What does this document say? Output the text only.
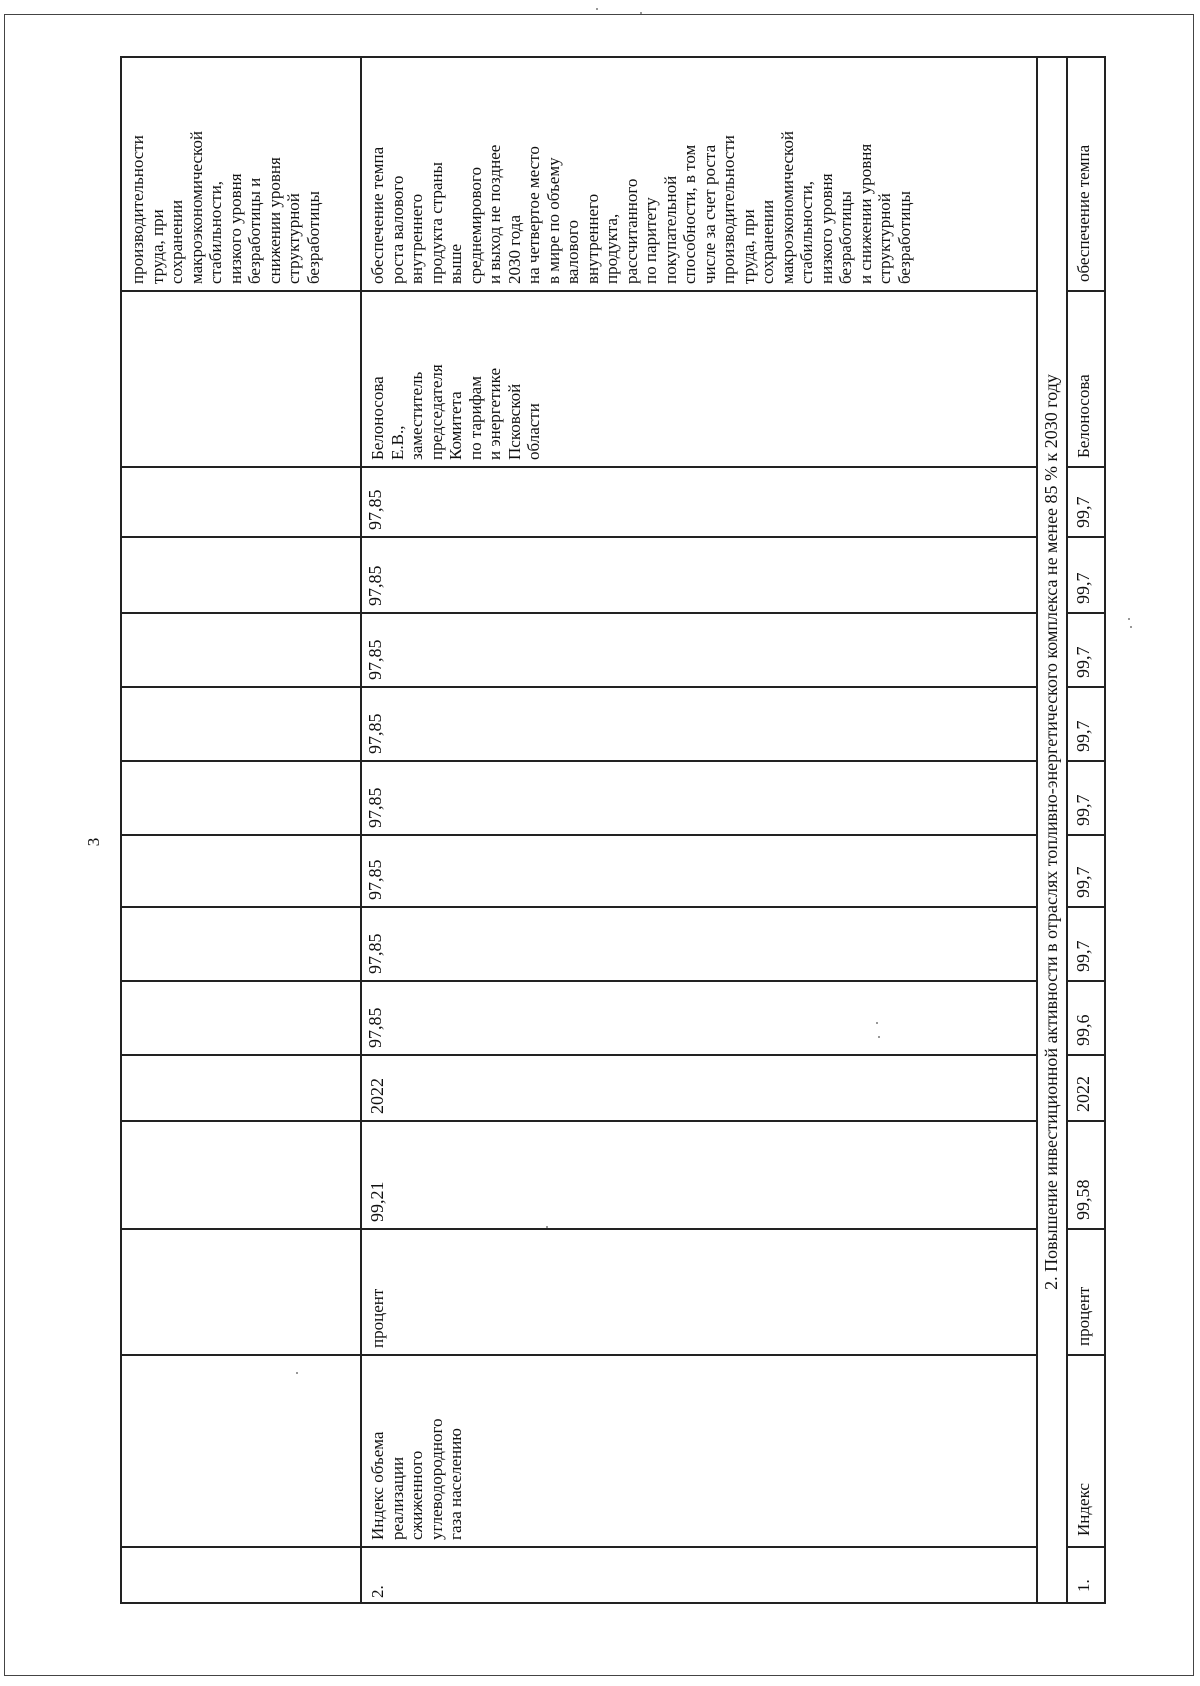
3
производительности
труда, при
сохранении
макроэкономической
стабильности,
низкого уровня
безработицы и
снижении уровня
структурной
безработицы
2.
Индекс объема
реализации
сжиженного
углеводородного
газа населению
процент
99,21
2022
97,85
97,85
97,85
97,85
97,85
97,85
97,85
97,85
Белоносова
Е.В.,
заместитель
председателя
Комитета
по тарифам
и энергетике
Псковской
области
обеспечение темпа
роста валового
внутреннего
продукта страны
выше
среднемирового
и выход не позднее
2030 года
на четвертое место
в мире по объему
валового
внутреннего
продукта,
рассчитанного
по паритету
покупательной
способности, в том
числе за счет роста
производительности
труда, при
сохранении
макроэкономической
стабильности,
низкого уровня
безработицы
и снижении уровня
структурной
безработицы
2. Повышение инвестиционной активности в отраслях топливно-энергетического комплекса не менее 85 % к 2030 году
1.
Индекс
процент
99,58
2022
99,6
99,7
99,7
99,7
99,7
99,7
99,7
99,7
Белоносова
обеспечение темпа
